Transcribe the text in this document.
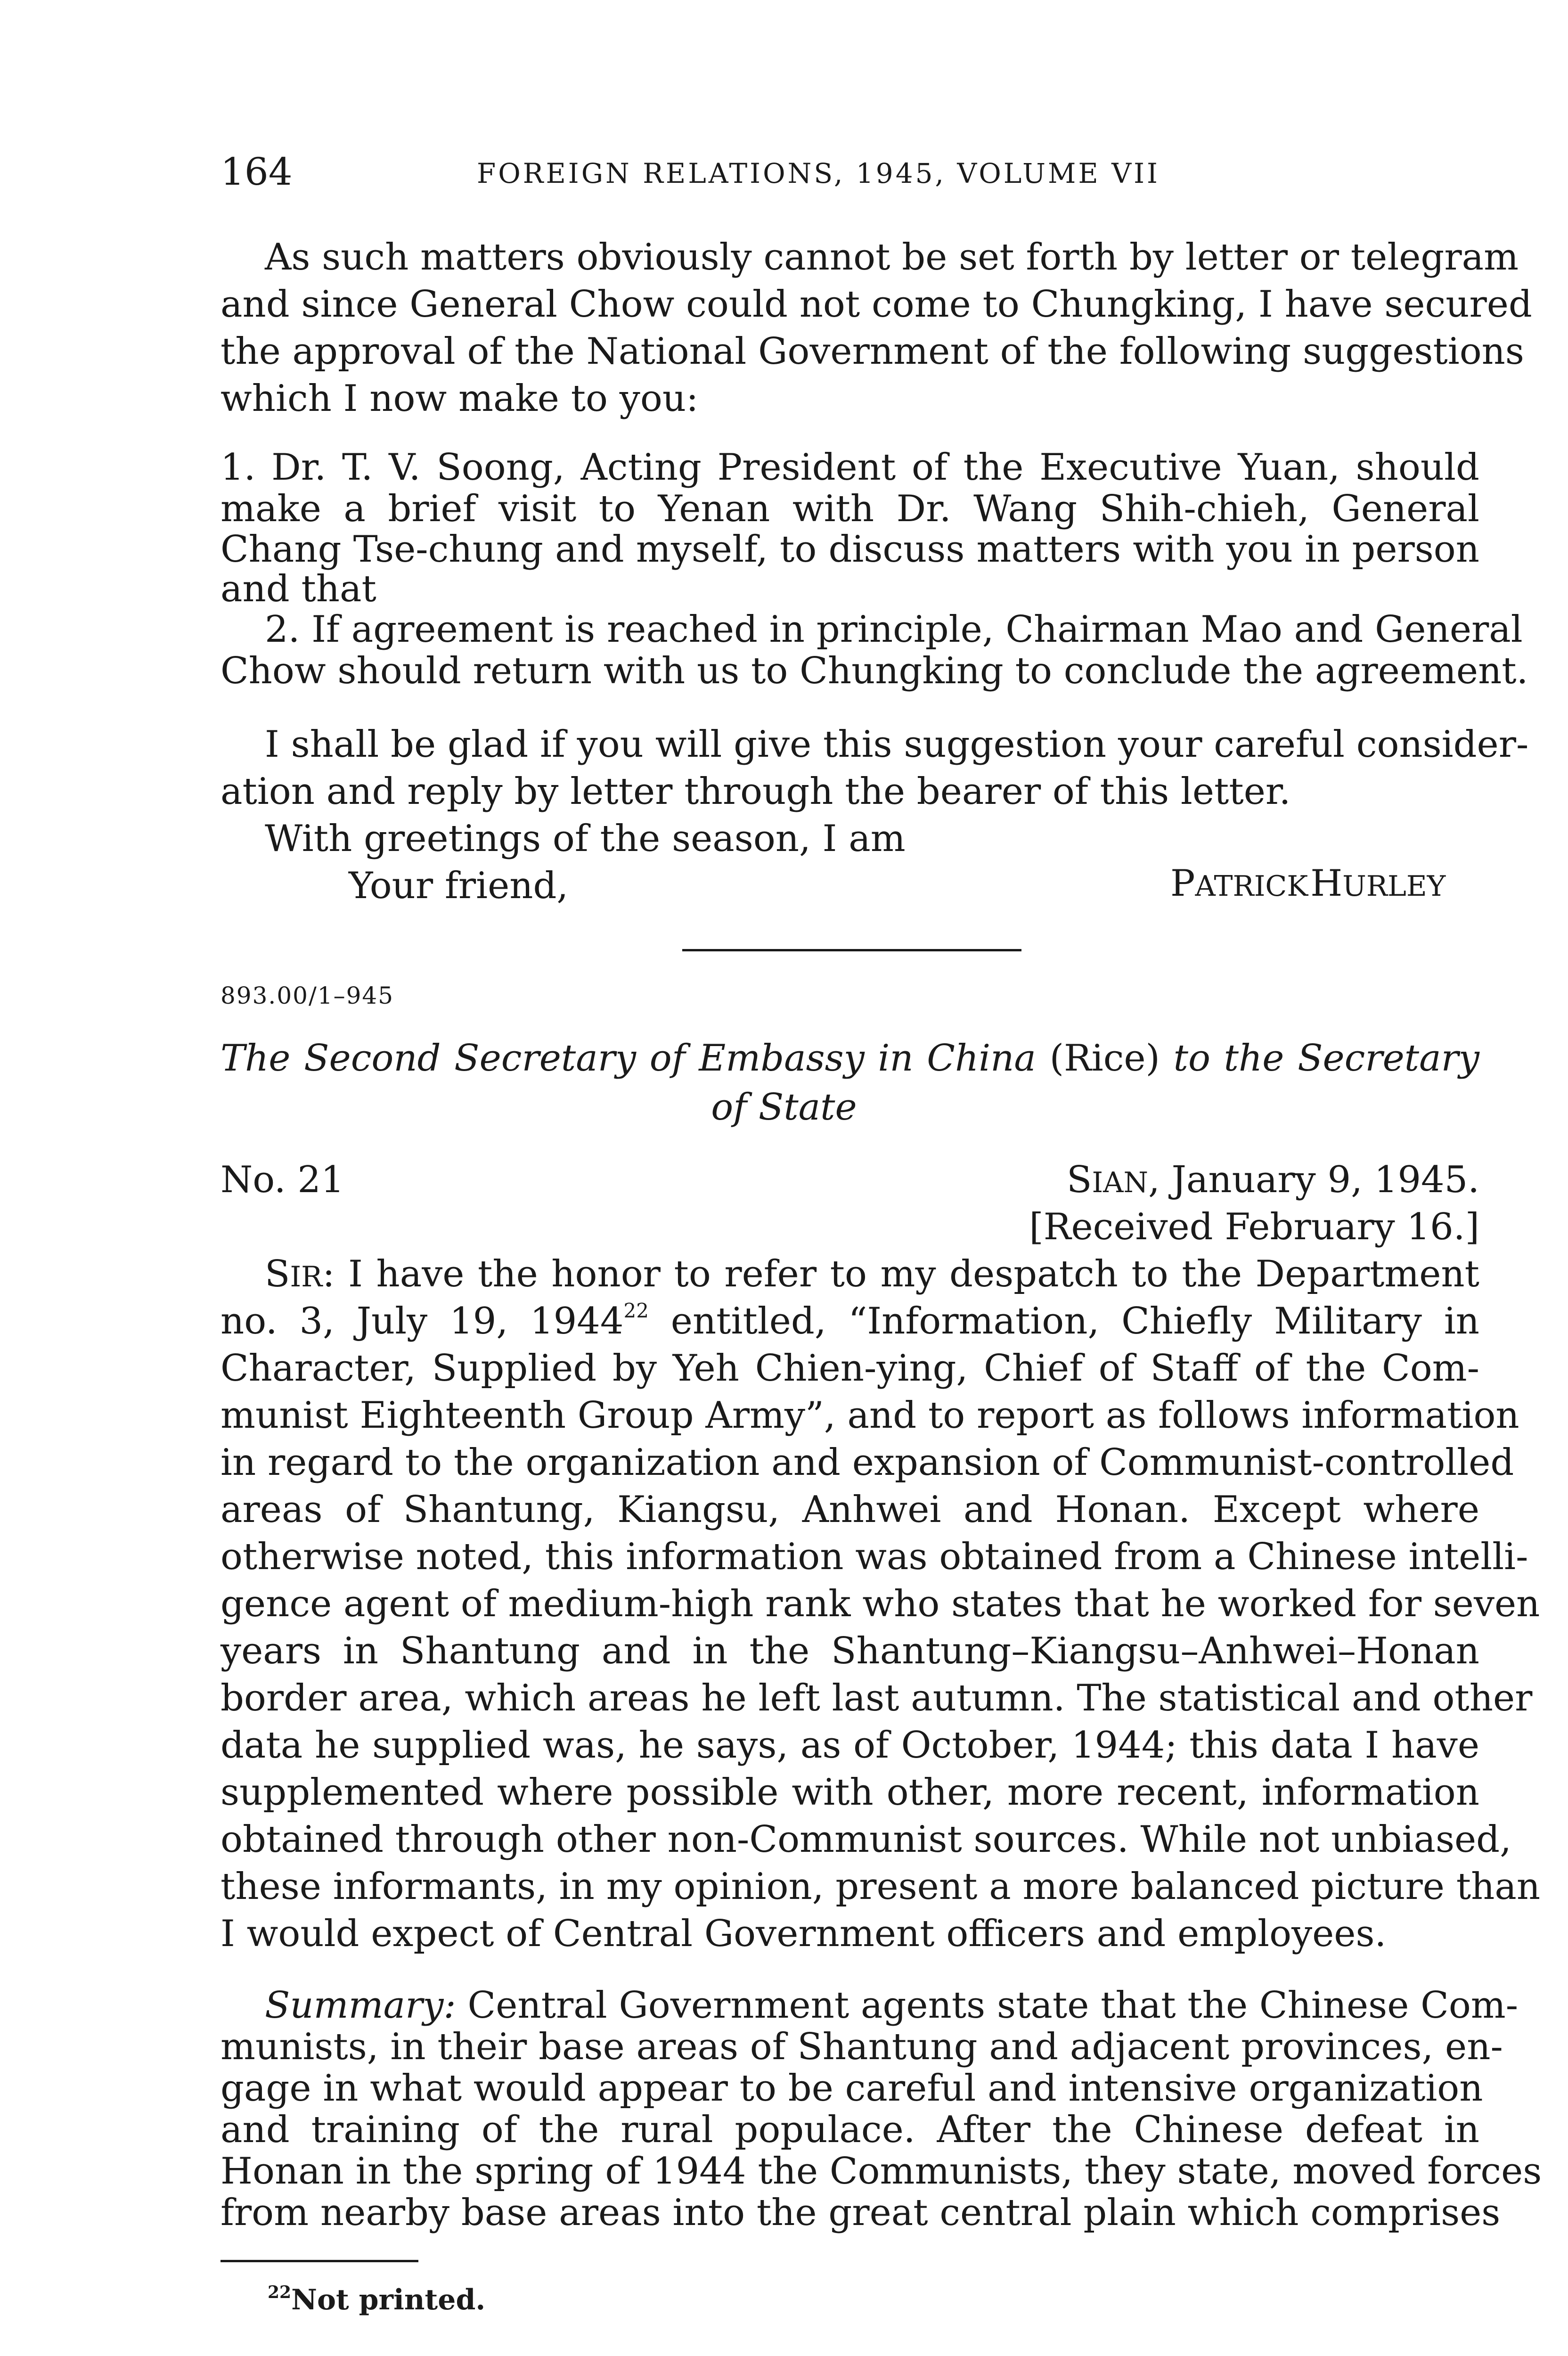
164	FOREIGN RELATIONS, 1945, VOLUME VII
As such matters obviously cannot be set forth by letter or telegram
and since General Chow could not come to Chungking, I have secured
the approval of the National Government of the following suggestions
which I now make to you:
1. Dr. T. V. Soong, Acting President of the Executive Yuan, should
make a brief visit to Yenan with Dr. Wang Shih-chieh, General
Chang Tse-chung and myself, to discuss matters with you in person
and that
2. If agreement is reached in principle, Chairman Mao and General
Chow should return with us to Chungking to conclude the agreement.
I shall be glad if you will give this suggestion your careful consider-
ation and reply by letter through the bearer of this letter.
With greetings of the season, I am
Your friend,	PATRICK HURLEY
893.00/1–945
The Second Secretary of Embassy in China (Rice) to the Secretary
of State
No. 21	SIAN, January 9, 1945.
[Received February 16.]
SIR: I have the honor to refer to my despatch to the Department
no. 3, July 19, 1944$^{22}$ entitled, “Information, Chiefly Military in
Character, Supplied by Yeh Chien-ying, Chief of Staff of the Com-
munist Eighteenth Group Army”, and to report as follows information
in regard to the organization and expansion of Communist-controlled
areas of Shantung, Kiangsu, Anhwei and Honan. Except where
otherwise noted, this information was obtained from a Chinese intelli-
gence agent of medium-high rank who states that he worked for seven
years in Shantung and in the Shantung–Kiangsu–Anhwei–Honan
border area, which areas he left last autumn. The statistical and other
data he supplied was, he says, as of October, 1944; this data I have
supplemented where possible with other, more recent, information
obtained through other non-Communist sources. While not unbiased,
these informants, in my opinion, present a more balanced picture than
I would expect of Central Government officers and employees.
Summary: Central Government agents state that the Chinese Com-
munists, in their base areas of Shantung and adjacent provinces, en-
gage in what would appear to be careful and intensive organization
and training of the rural populace. After the Chinese defeat in
Honan in the spring of 1944 the Communists, they state, moved forces
from nearby base areas into the great central plain which comprises
$^{22}$Not printed.
